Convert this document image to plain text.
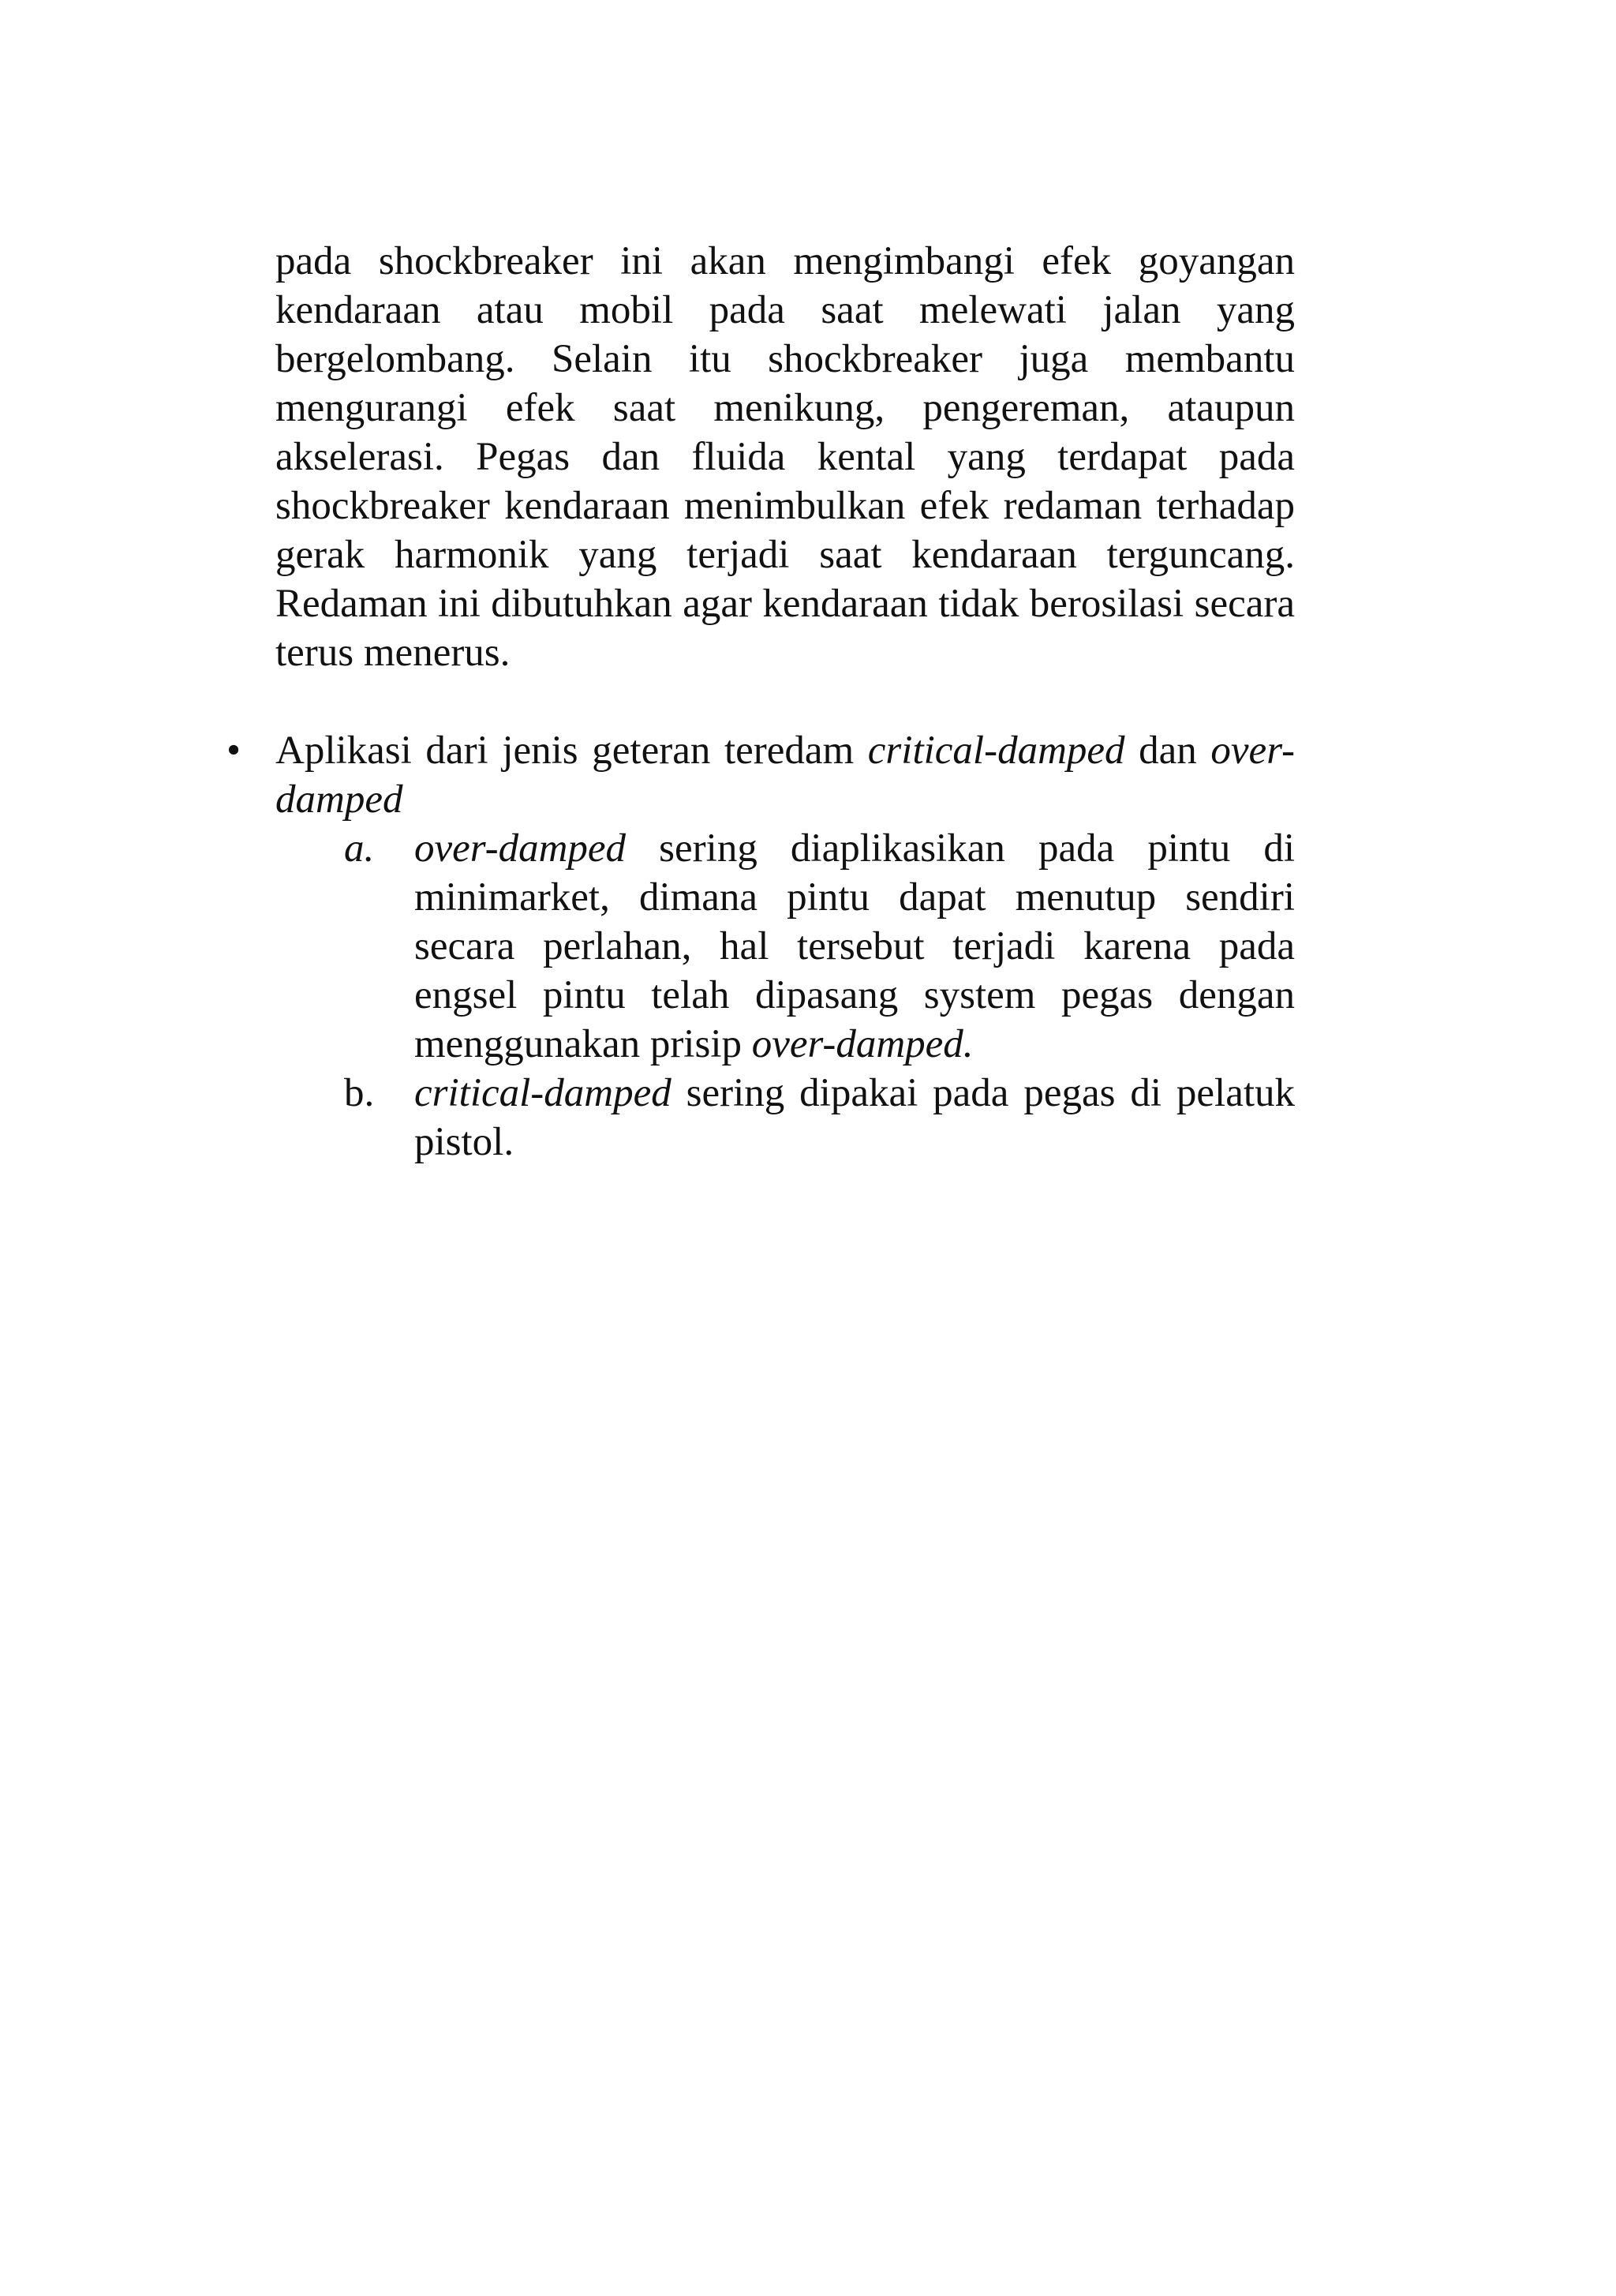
pada shockbreaker ini akan mengimbangi efek goyangan kendaraan atau mobil pada saat melewati jalan yang bergelombang. Selain itu shockbreaker juga membantu mengurangi efek saat menikung, pengereman, ataupun akselerasi. Pegas dan fluida kental yang terdapat pada shockbreaker kendaraan menimbulkan efek redaman terhadap gerak harmonik yang terjadi saat kendaraan terguncang. Redaman ini dibutuhkan agar kendaraan tidak berosilasi secara terus menerus.

• Aplikasi dari jenis geteran teredam critical-damped dan over-damped

a. over-damped sering diaplikasikan pada pintu di minimarket, dimana pintu dapat menutup sendiri secara perlahan, hal tersebut terjadi karena pada engsel pintu telah dipasang system pegas dengan menggunakan prisip over-damped.

b. critical-damped sering dipakai pada pegas di pelatuk pistol.
